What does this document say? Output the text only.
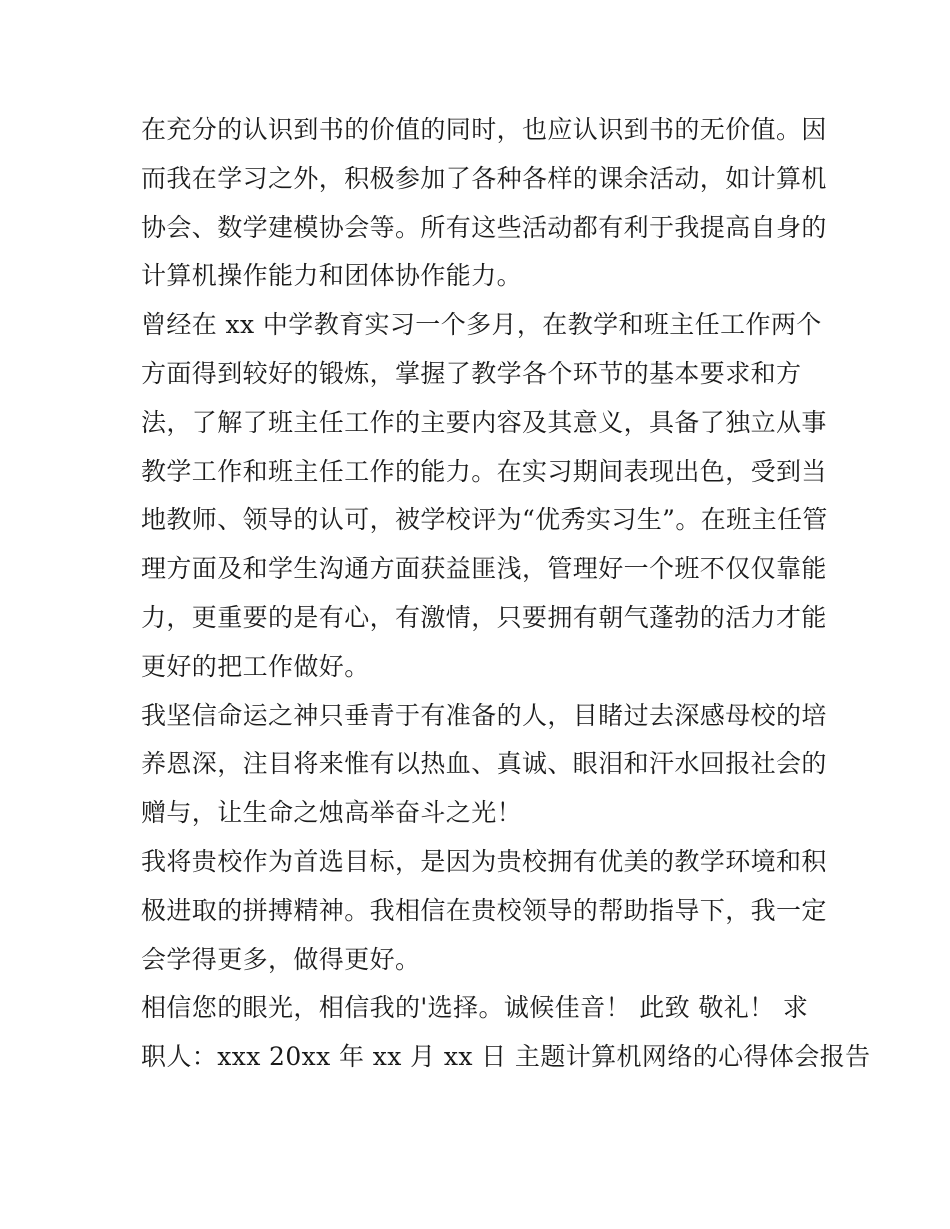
在充分的认识到书的价值的同时，也应认识到书的无价值。因
而我在学习之外，积极参加了各种各样的课余活动，如计算机
协会、数学建模协会等。所有这些活动都有利于我提高自身的
计算机操作能力和团体协作能力。
曾经在 xx 中学教育实习一个多月，在教学和班主任工作两个
方面得到较好的锻炼，掌握了教学各个环节的基本要求和方
法，了解了班主任工作的主要内容及其意义，具备了独立从事
教学工作和班主任工作的能力。在实习期间表现出色，受到当
地教师、领导的认可，被学校评为“优秀实习生”。在班主任管
理方面及和学生沟通方面获益匪浅，管理好一个班不仅仅靠能
力，更重要的是有心，有激情，只要拥有朝气蓬勃的活力才能
更好的把工作做好。
我坚信命运之神只垂青于有准备的人，目睹过去深感母校的培
养恩深，注目将来惟有以热血、真诚、眼泪和汗水回报社会的
赠与，让生命之烛高举奋斗之光！
我将贵校作为首选目标，是因为贵校拥有优美的教学环境和积
极进取的拼搏精神。我相信在贵校领导的帮助指导下，我一定
会学得更多，做得更好。
相信您的眼光，相信我的'选择。诚候佳音！ 此致 敬礼！ 求
职人：xxx 20xx 年 xx 月 xx 日 主题计算机网络的心得体会报告
